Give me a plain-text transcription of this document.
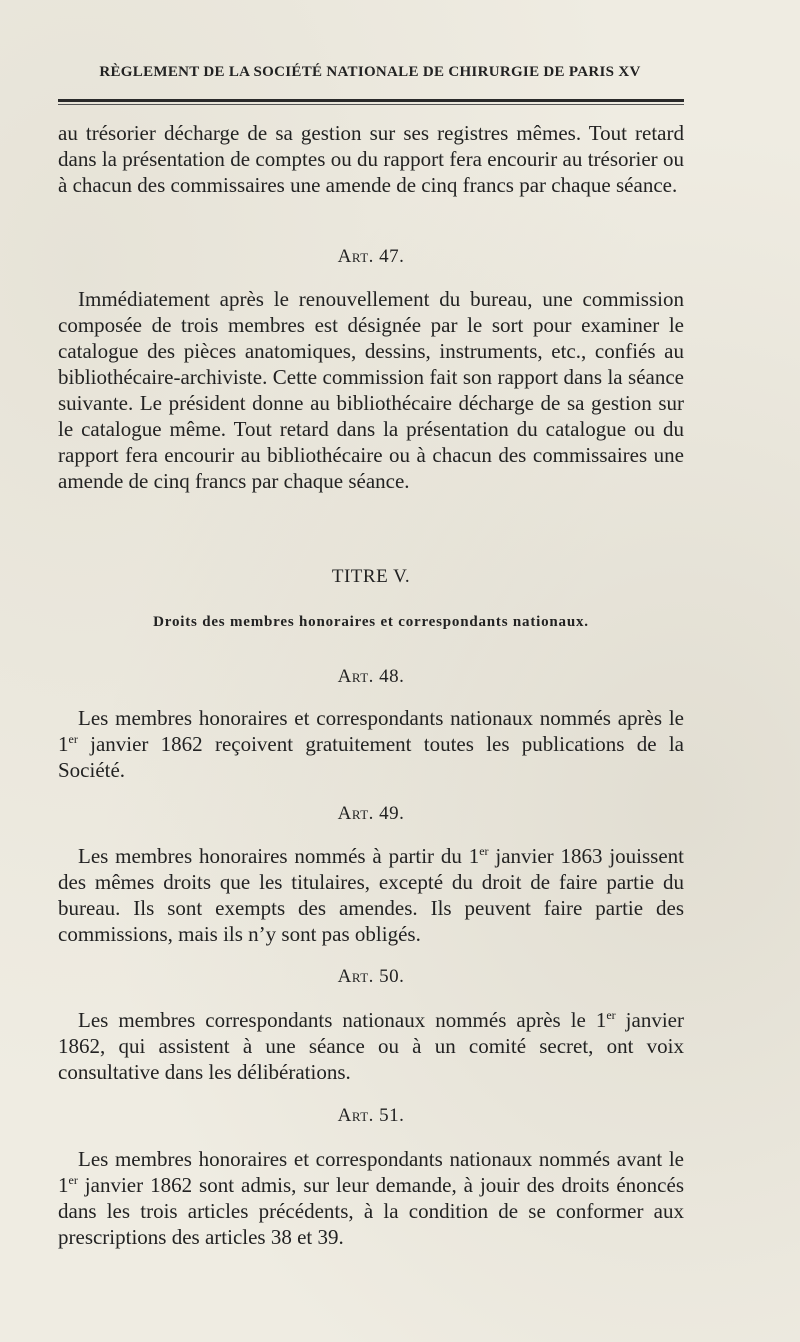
RÈGLEMENT DE LA SOCIÉTÉ NATIONALE DE CHIRURGIE DE PARIS XV

au trésorier décharge de sa gestion sur ses registres mêmes. Tout retard dans la présentation de comptes ou du rapport fera encourir au trésorier ou à chacun des commissaires une amende de cinq francs par chaque séance.

Art. 47.

Immédiatement après le renouvellement du bureau, une commission composée de trois membres est désignée par le sort pour examiner le catalogue des pièces anatomiques, dessins, instruments, etc., confiés au bibliothécaire-archiviste. Cette commission fait son rapport dans la séance suivante. Le président donne au bibliothécaire décharge de sa gestion sur le catalogue même. Tout retard dans la présentation du catalogue ou du rapport fera encourir au bibliothécaire ou à chacun des commissaires une amende de cinq francs par chaque séance.

TITRE V.
Droits des membres honoraires et correspondants nationaux.
Art. 48.

Les membres honoraires et correspondants nationaux nommés après le 1er janvier 1862 reçoivent gratuitement toutes les publications de la Société.

Art. 49.

Les membres honoraires nommés à partir du 1er janvier 1863 jouissent des mêmes droits que les titulaires, excepté du droit de faire partie du bureau. Ils sont exempts des amendes. Ils peuvent faire partie des commissions, mais ils n’y sont pas obligés.

Art. 50.

Les membres correspondants nationaux nommés après le 1er janvier 1862, qui assistent à une séance ou à un comité secret, ont voix consultative dans les délibérations.

Art. 51.

Les membres honoraires et correspondants nationaux nommés avant le 1er janvier 1862 sont admis, sur leur demande, à jouir des droits énoncés dans les trois articles précédents, à la condition de se conformer aux prescriptions des articles 38 et 39.
